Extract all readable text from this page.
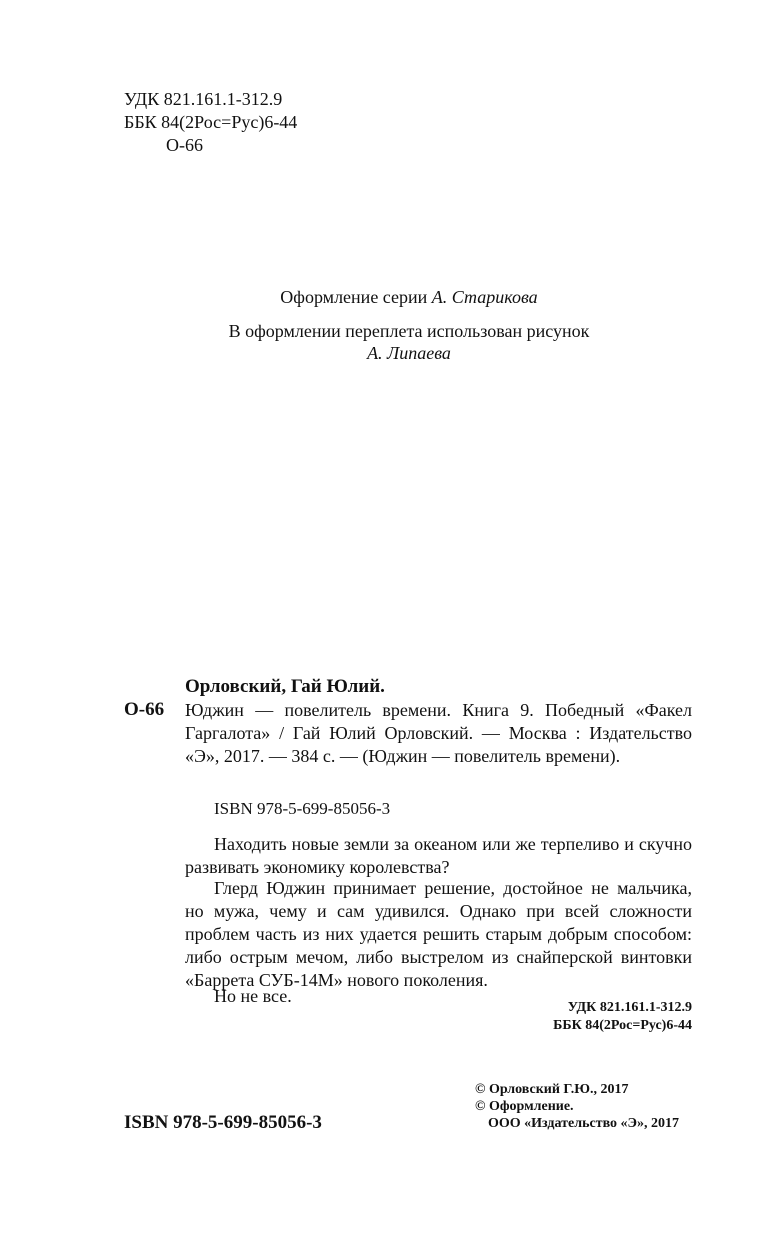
УДК 821.161.1-312.9
ББК 84(2Рос=Рус)6-44
О-66
Оформление серии А. Старикова
В оформлении переплета использован рисунок
А. Липаева
Орловский, Гай Юлий.
О-66 Юджин — повелитель времени. Книга 9. Победный «Факел Гаргалота» / Гай Юлий Орловский. — Москва : Издательство «Э», 2017. — 384 с. — (Юджин — повелитель времени).
ISBN 978-5-699-85056-3
Находить новые земли за океаном или же терпеливо и скучно развивать экономику королевства?
Глерд Юджин принимает решение, достойное не мальчика, но мужа, чему и сам удивился. Однако при всей сложности проблем часть из них удается решить старым добрым способом: либо острым мечом, либо выстрелом из снайперской винтовки «Баррета СУБ-14М» нового поколения.
Но не все.
УДК 821.161.1-312.9
ББК 84(2Рос=Рус)6-44
© Орловский Г.Ю., 2017
© Оформление.
ООО «Издательство «Э», 2017
ISBN 978-5-699-85056-3
